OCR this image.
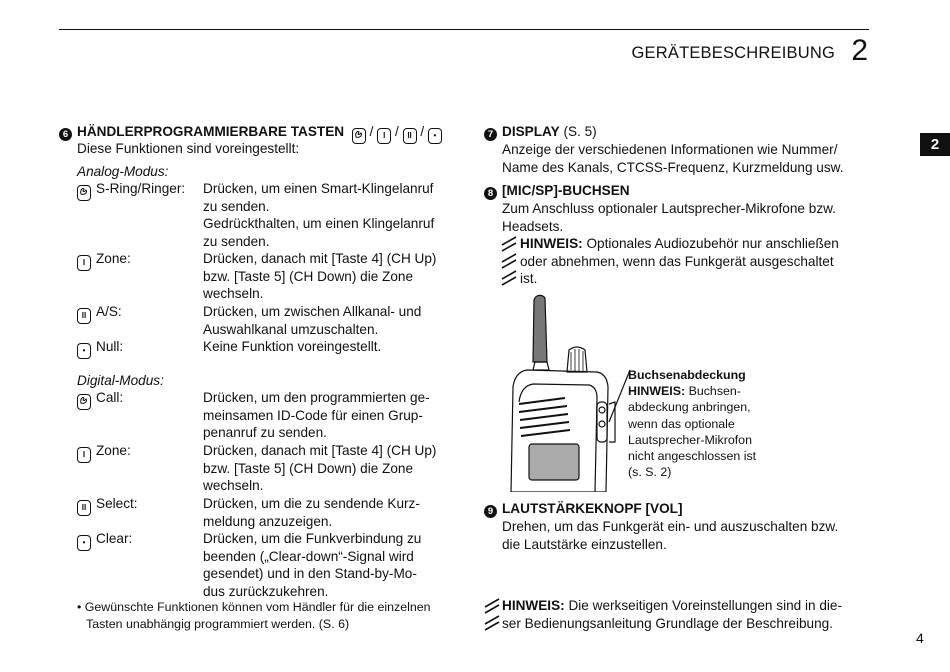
GERÄTEBESCHREIBUNG 2
2
4
6 HÄNDLERPROGRAMMIERBARE TASTEN / I / II / •
Diese Funktionen sind voreingestellt:
Analog-Modus:
S-Ring/Ringer: Drücken, um einen Smart-Klingelanruf
zu senden.
Gedrückthalten, um einen Klingelanruf
zu senden.
I Zone:	Drücken, danach mit [Taste 4] (CH Up)
bzw. [Taste 5] (CH Down) die Zone
wechseln.
II A/S:	Drücken, um zwischen Allkanal- und
Auswahlkanal umzuschalten.
• Null:	Keine Funktion voreingestellt.
Digital-Modus:
Call:	Drücken, um den programmierten ge-
meinsamen ID-Code für einen Grup-
penanruf zu senden.
I Zone:	Drücken, danach mit [Taste 4] (CH Up)
bzw. [Taste 5] (CH Down) die Zone
wechseln.
II Select:	Drücken, um die zu sendende Kurz-
meldung anzuzeigen.
• Clear:	Drücken, um die Funkverbindung zu
beenden („Clear-down“-Signal wird
gesendet) und in den Stand-by-Mo-
dus zurückzukehren.
• Gewünschte Funktionen können vom Händler für die einzelnen
Tasten unabhängig programmiert werden. (S. 6)
7 DISPLAY (S. 5)
Anzeige der verschiedenen Informationen wie Nummer/
Name des Kanals, CTCSS-Frequenz, Kurzmeldung usw.
8 [MIC/SP]-BUCHSEN
Zum Anschluss optionaler Lautsprecher-Mikrofone bzw.
Headsets.
HINWEIS: Optionales Audiozubehör nur anschließen
oder abnehmen, wenn das Funkgerät ausgeschaltet
ist.
Buchsenabdeckung
HINWEIS: Buchsen-
abdeckung anbringen,
wenn das optionale
Lautsprecher-Mikrofon
nicht angeschlossen ist
(s. S. 2)
9 LAUTSTÄRKEKNOPF [VOL]
Drehen, um das Funkgerät ein- und auszuschalten bzw.
die Lautstärke einzustellen.
HINWEIS: Die werkseitigen Voreinstellungen sind in die-
ser Bedienungsanleitung Grundlage der Beschreibung.
